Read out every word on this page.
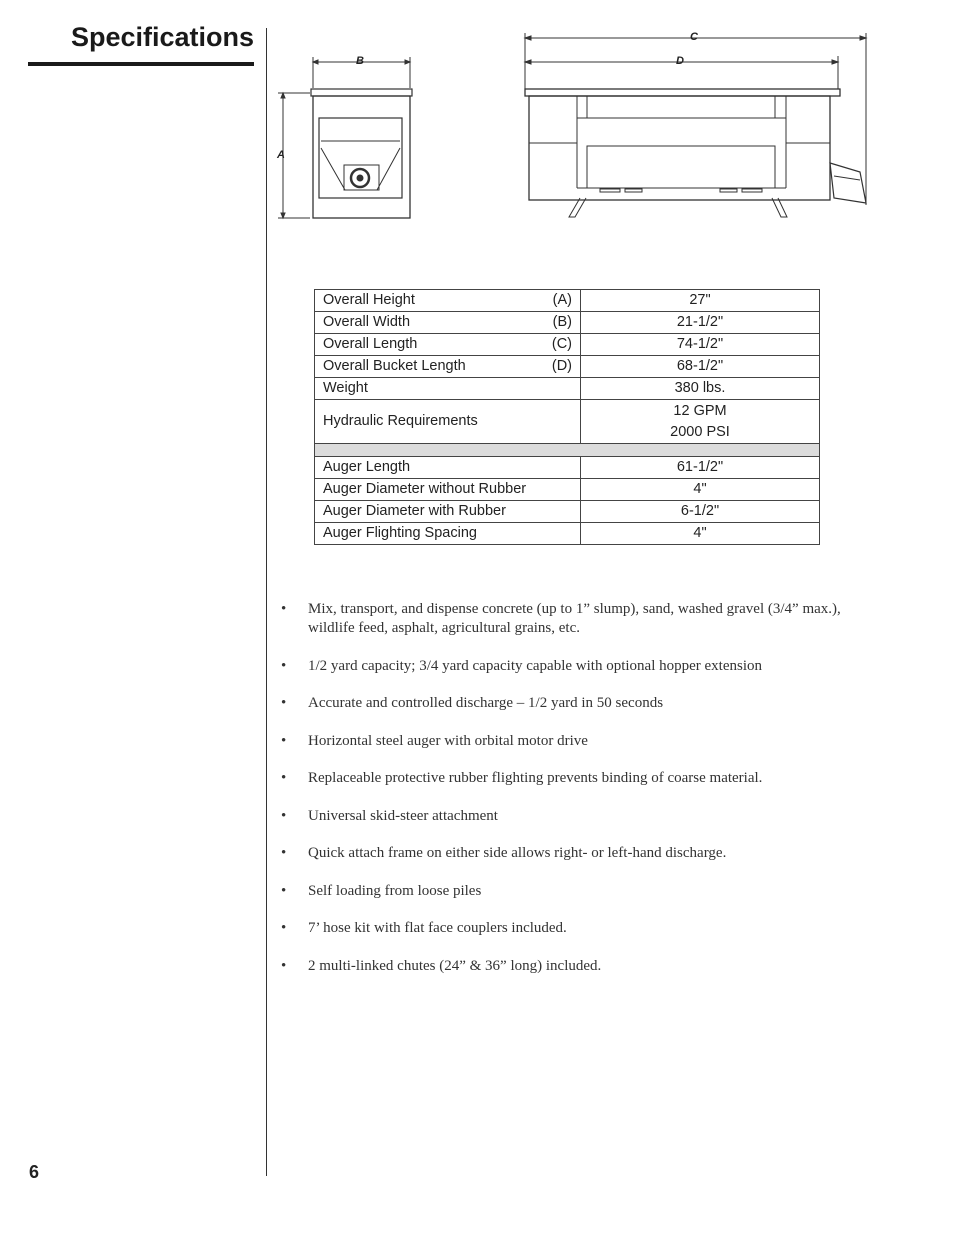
Specifications
B
A
C
D
Overall Height (A)	27"

Overall Width (B)	21-1/2"

Overall Length (C)	74-1/2"

Overall Bucket Length (D)	68-1/2"

Weight	380 lbs.
Hydraulic Requirements	12 GPM
2000 PSI

Auger Length	61-1/2"
Auger Diameter without Rubber	4"
Auger Diameter with Rubber	6-1/2"
Auger Flighting Spacing	4"
• Mix, transport, and dispense concrete (up to 1” slump), sand, washed gravel (3/4” max.), wildlife feed, asphalt, agricultural grains, etc.
• 1/2 yard capacity; 3/4 yard capacity capable with optional hopper extension
• Accurate and controlled discharge – 1/2 yard in 50 seconds
• Horizontal steel auger with orbital motor drive
• Replaceable protective rubber flighting prevents binding of coarse material.
• Universal skid-steer attachment
• Quick attach frame on either side allows right- or left-hand discharge.
• Self loading from loose piles
• 7’ hose kit with flat face couplers included.
• 2 multi-linked chutes (24” & 36” long) included.
6
